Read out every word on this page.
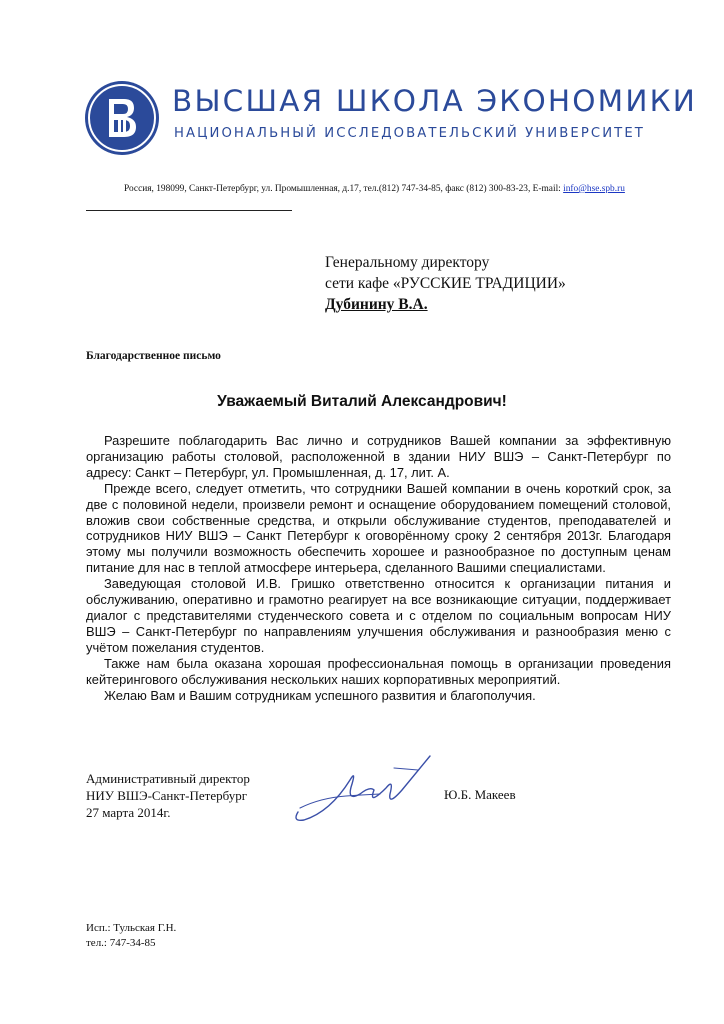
ВЫСШАЯ ШКОЛА ЭКОНОМИКИ
НАЦИОНАЛЬНЫЙ ИССЛЕДОВАТЕЛЬСКИЙ УНИВЕРСИТЕТ
Россия, 198099, Санкт-Петербург, ул. Промышленная, д.17, тел.(812) 747-34-85, факс (812) 300-83-23, E-mail: info@hse.spb.ru
Генеральному директору
сети кафе «РУССКИЕ ТРАДИЦИИ»
Дубинину В.А.
Благодарственное письмо
Уважаемый Виталий Александрович!

Разрешите поблагодарить Вас лично и сотрудников Вашей компании за эффективную организацию работы столовой, расположенной в здании НИУ ВШЭ – Санкт-Петербург по адресу: Санкт – Петербург, ул. Промышленная, д. 17, лит. А.

Прежде всего, следует отметить, что сотрудники Вашей компании в очень короткий срок, за две с половиной недели, произвели ремонт и оснащение оборудованием помещений столовой, вложив свои собственные средства, и открыли обслуживание студентов, преподавателей и сотрудников НИУ ВШЭ – Санкт Петербург к оговорённому сроку 2 сентября 2013г. Благодаря этому мы получили возможность обеспечить хорошее и разнообразное по доступным ценам питание для нас в теплой атмосфере интерьера, сделанного Вашими специалистами.

Заведующая столовой И.В. Гришко ответственно относится к организации питания и обслуживанию, оперативно и грамотно реагирует на все возникающие ситуации, поддерживает диалог с представителями студенческого совета и с отделом по социальным вопросам НИУ ВШЭ – Санкт-Петербург по направлениям улучшения обслуживания и разнообразия меню с учётом пожелания студентов.

Также нам была оказана хорошая профессиональная помощь в организации проведения кейтерингового обслуживания нескольких наших корпоративных мероприятий.

Желаю Вам и Вашим сотрудникам успешного развития и благополучия.

Административный директор
НИУ ВШЭ-Санкт-Петербург
27 марта 2014г.
Ю.Б. Макеев
Исп.: Тульская Г.Н.
тел.: 747-34-85
